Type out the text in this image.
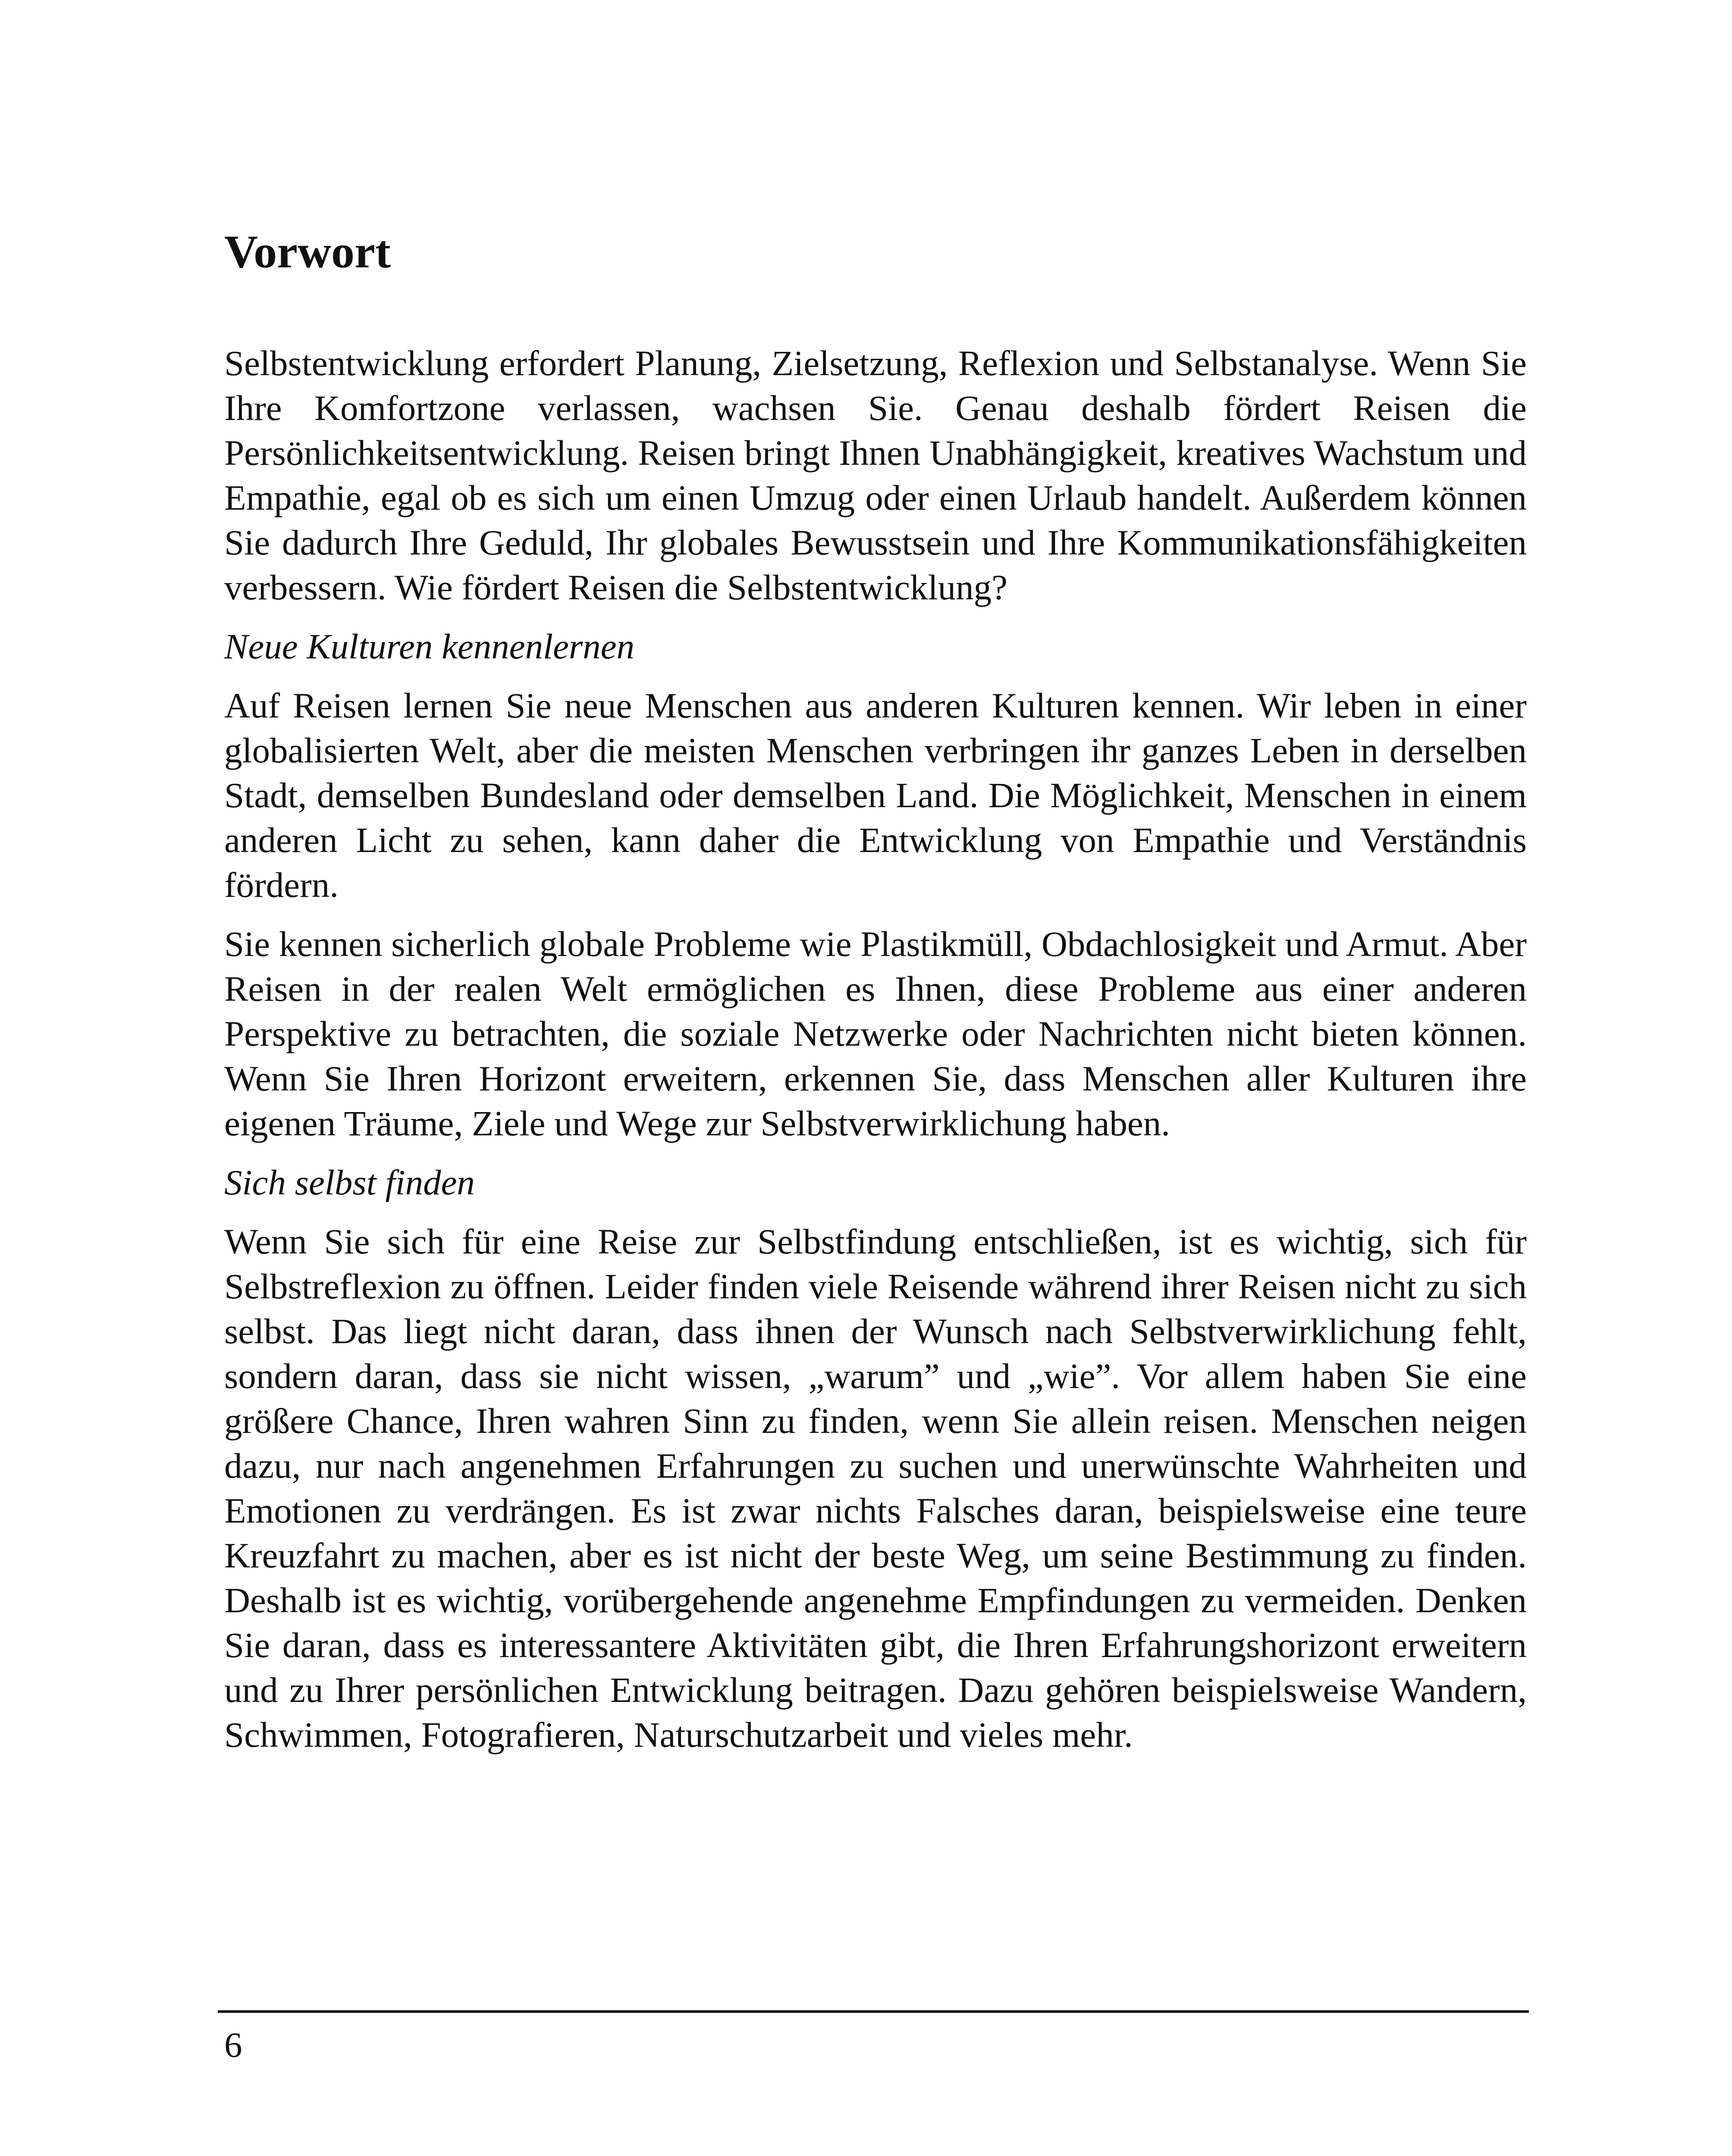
Vorwort

Selbstentwicklung erfordert Planung, Zielsetzung, Reflexion und Selbstanalyse. Wenn Sie Ihre Komfortzone verlassen, wachsen Sie. Genau deshalb fördert Reisen die Persönlichkeitsentwicklung. Reisen bringt Ihnen Unabhängigkeit, kreatives Wachstum und Empathie, egal ob es sich um einen Umzug oder einen Urlaub handelt. Außerdem können Sie dadurch Ihre Geduld, Ihr globales Bewusstsein und Ihre Kommunikationsfähigkeiten verbessern. Wie fördert Reisen die Selbstentwicklung?

Neue Kulturen kennenlernen

Auf Reisen lernen Sie neue Menschen aus anderen Kulturen kennen. Wir leben in einer globalisierten Welt, aber die meisten Menschen verbringen ihr ganzes Leben in derselben Stadt, demselben Bundesland oder demselben Land. Die Möglichkeit, Menschen in einem anderen Licht zu sehen, kann daher die Entwicklung von Empathie und Verständnis fördern.

Sie kennen sicherlich globale Probleme wie Plastikmüll, Obdachlosigkeit und Armut. Aber Reisen in der realen Welt ermöglichen es Ihnen, diese Probleme aus einer anderen Perspektive zu betrachten, die soziale Netzwerke oder Nachrichten nicht bieten können. Wenn Sie Ihren Horizont erweitern, erkennen Sie, dass Menschen aller Kulturen ihre eigenen Träume, Ziele und Wege zur Selbstverwirklichung haben.

Sich selbst finden

Wenn Sie sich für eine Reise zur Selbstfindung entschließen, ist es wichtig, sich für Selbstreflexion zu öffnen. Leider finden viele Reisende während ihrer Reisen nicht zu sich selbst. Das liegt nicht daran, dass ihnen der Wunsch nach Selbstverwirklichung fehlt, sondern daran, dass sie nicht wissen, „warum” und „wie”. Vor allem haben Sie eine größere Chance, Ihren wahren Sinn zu finden, wenn Sie allein reisen. Menschen neigen dazu, nur nach angenehmen Erfahrungen zu suchen und unerwünschte Wahrheiten und Emotionen zu verdrängen. Es ist zwar nichts Falsches daran, beispielsweise eine teure Kreuzfahrt zu machen, aber es ist nicht der beste Weg, um seine Bestimmung zu finden. Deshalb ist es wichtig, vorübergehende angenehme Empfindungen zu vermeiden. Denken Sie daran, dass es interessantere Aktivitäten gibt, die Ihren Erfahrungshorizont erweitern und zu Ihrer persönlichen Entwicklung beitragen. Dazu gehören beispielsweise Wandern, Schwimmen, Fotografieren, Naturschutzarbeit und vieles mehr.

6
